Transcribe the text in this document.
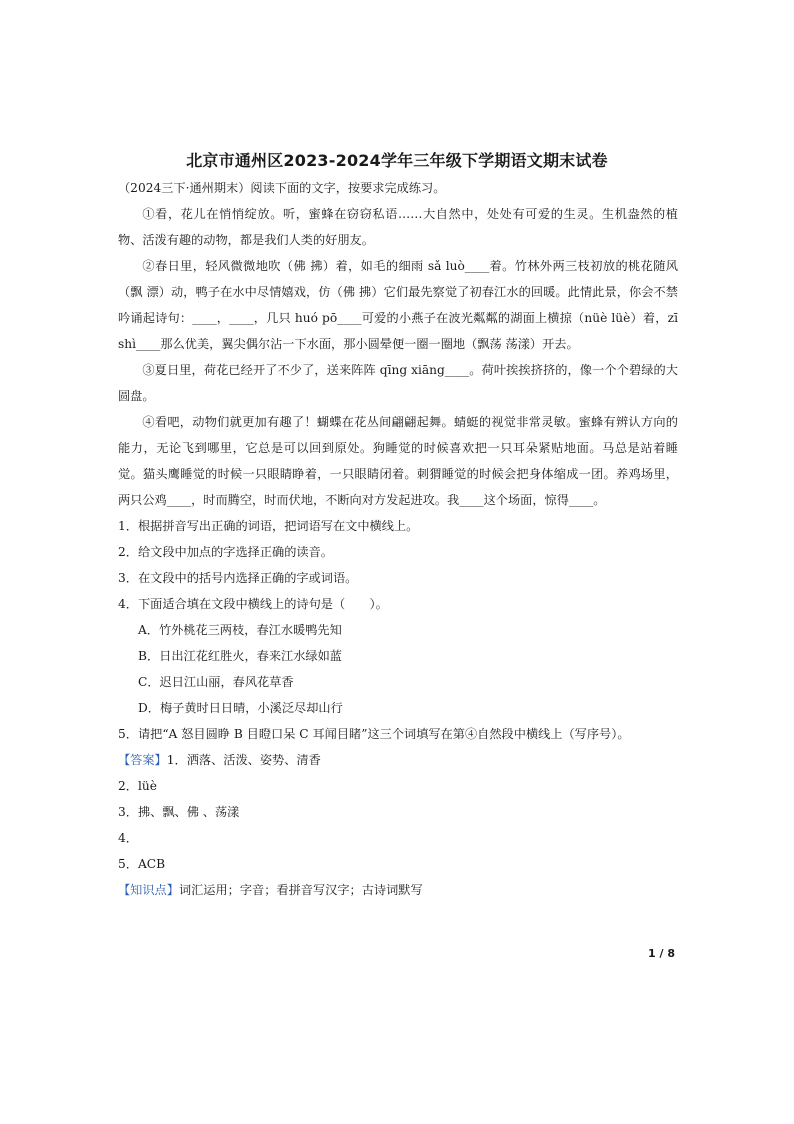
北京市通州区2023-2024学年三年级下学期语文期末试卷

（2024三下·通州期末）阅读下面的文字，按要求完成练习。

①看，花儿在悄悄绽放。听，蜜蜂在窃窃私语……大自然中，处处有可爱的生灵。生机盎然的植物、活泼有趣的动物，都是我们人类的好朋友。

②春日里，轻风微微地吹（佛 拂）着，如毛的细雨 sǎ luò____着。竹林外两三枝初放的桃花随风（飘 漂）动，鸭子在水中尽情嬉戏，仿（佛 拂）它们最先察觉了初春江水的回暖。此情此景，你会不禁吟诵起诗句：____，____，几只 huó pō____可爱的小燕子在波光粼粼的湖面上横掠（nüè lüè）着，zī shì____那么优美，翼尖偶尔沾一下水面，那小圆晕便一圈一圈地（飘荡 荡漾）开去。

③夏日里，荷花已经开了不少了，送来阵阵 qīng xiāng____。荷叶挨挨挤挤的，像一个个碧绿的大圆盘。

④看吧，动物们就更加有趣了！蝴蝶在花丛间翩翩起舞。蜻蜓的视觉非常灵敏。蜜蜂有辨认方向的能力，无论飞到哪里，它总是可以回到原处。狗睡觉的时候喜欢把一只耳朵紧贴地面。马总是站着睡觉。猫头鹰睡觉的时候一只眼睛睁着，一只眼睛闭着。刺猬睡觉的时候会把身体缩成一团。养鸡场里，两只公鸡____，时而腾空，时而伏地，不断向对方发起进攻。我____这个场面，惊得____。

1．根据拼音写出正确的词语，把词语写在文中横线上。

2．给文段中加点的字选择正确的读音。

3．在文段中的括号内选择正确的字或词语。

4．下面适合填在文段中横线上的诗句是（　　）。

A．竹外桃花三两枝，春江水暖鸭先知

B．日出江花红胜火，春来江水绿如蓝

C．迟日江山丽，春风花草香

D．梅子黄时日日晴，小溪泛尽却山行

5．请把“A 怒目圆睁 B 目瞪口呆 C 耳闻目睹”这三个词填写在第④自然段中横线上（写序号）。

【答案】1．洒落、活泼、姿势、清香

2．lüè

3．拂、飘、佛 、荡漾

4．

5．ACB

【知识点】词汇运用；字音；看拼音写汉字；古诗词默写

1 / 8
